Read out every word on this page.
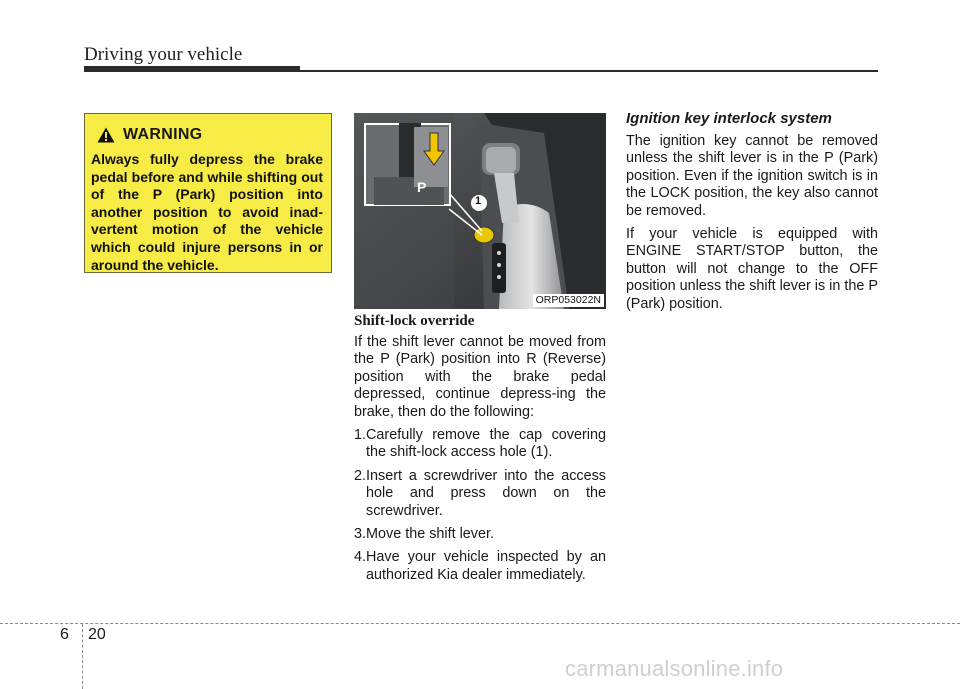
Driving your vehicle
WARNING
Always fully depress the brake pedal before and while shifting out of the P (Park) position into another position to avoid inad-vertent motion of the vehicle which could injure persons in or around the vehicle.
P
1
ORP053022N
Shift-lock override
If the shift lever cannot be moved from the P (Park) position into R (Reverse) position with the brake pedal depressed, continue depress-ing the brake, then do the following:
1.Carefully remove the cap covering the shift-lock access hole (1).
2.Insert a screwdriver into the access hole and press down on the screwdriver.
3.Move the shift lever.
4.Have your vehicle inspected by an authorized Kia dealer immediately.
Ignition key interlock system
The ignition key cannot be removed unless the shift lever is in the P (Park) position. Even if the ignition switch is in the LOCK position, the key also cannot be removed.
If your vehicle is equipped with ENGINE START/STOP button, the button will not change to the OFF position unless the shift lever is in the P (Park) position.
6 20
carmanualsonline.info
